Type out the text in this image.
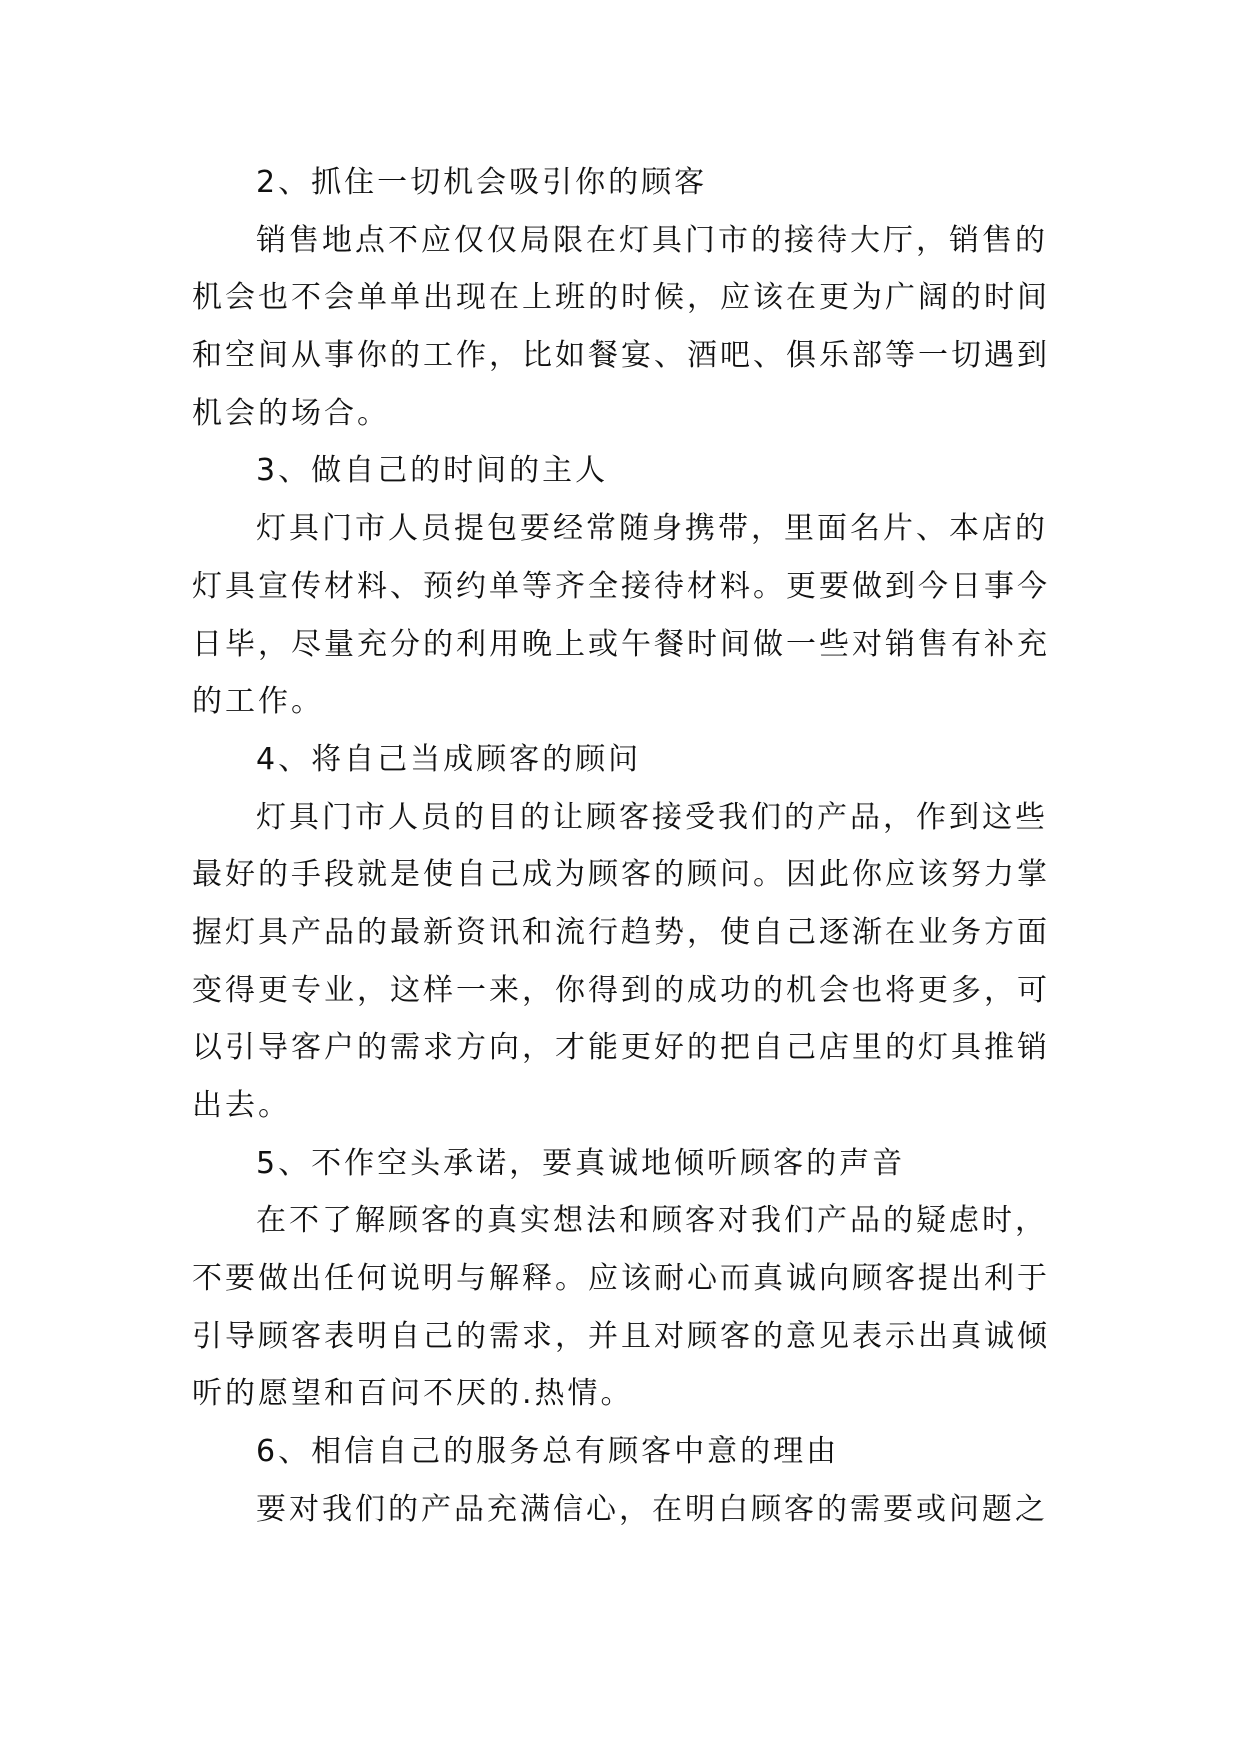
2、抓住一切机会吸引你的顾客
销售地点不应仅仅局限在灯具门市的接待大厅，销售的
机会也不会单单出现在上班的时候，应该在更为广阔的时间
和空间从事你的工作，比如餐宴、酒吧、俱乐部等一切遇到
机会的场合。
3、做自己的时间的主人
灯具门市人员提包要经常随身携带，里面名片、本店的
灯具宣传材料、预约单等齐全接待材料。更要做到今日事今
日毕，尽量充分的利用晚上或午餐时间做一些对销售有补充
的工作。
4、将自己当成顾客的顾问
灯具门市人员的目的让顾客接受我们的产品，作到这些
最好的手段就是使自己成为顾客的顾问。因此你应该努力掌
握灯具产品的最新资讯和流行趋势，使自己逐渐在业务方面
变得更专业，这样一来，你得到的成功的机会也将更多，可
以引导客户的需求方向，才能更好的把自己店里的灯具推销
出去。
5、不作空头承诺，要真诚地倾听顾客的声音
在不了解顾客的真实想法和顾客对我们产品的疑虑时，
不要做出任何说明与解释。应该耐心而真诚向顾客提出利于
引导顾客表明自己的需求，并且对顾客的意见表示出真诚倾
听的愿望和百问不厌的.热情。
6、相信自己的服务总有顾客中意的理由
要对我们的产品充满信心，在明白顾客的需要或问题之
